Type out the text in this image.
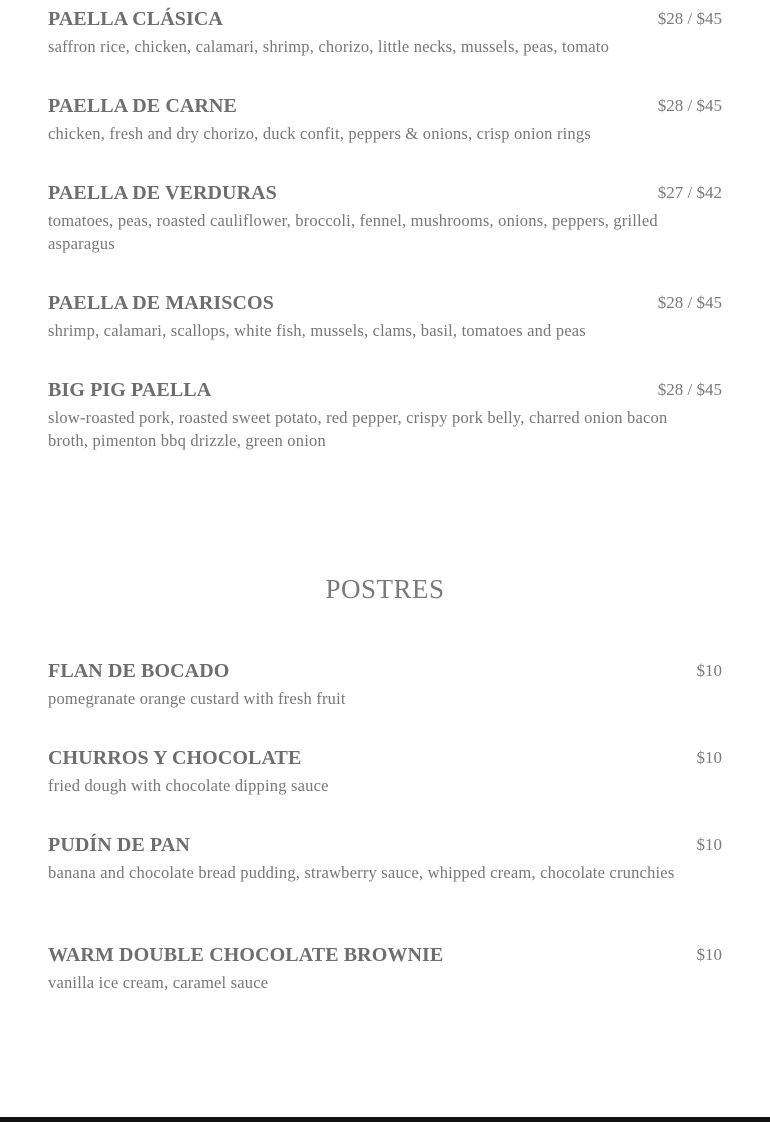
PAELLA CLÁSICA	$28 / $45
saffron rice, chicken, calamari, shrimp, chorizo, little necks, mussels, peas, tomato
PAELLA DE CARNE	$28 / $45
chicken, fresh and dry chorizo, duck confit, peppers & onions, crisp onion rings
PAELLA DE VERDURAS	$27 / $42
tomatoes, peas, roasted cauliflower, broccoli, fennel, mushrooms, onions, peppers, grilled asparagus
PAELLA DE MARISCOS	$28 / $45
shrimp, calamari, scallops, white fish, mussels, clams, basil, tomatoes and peas
BIG PIG PAELLA	$28 / $45
slow-roasted pork, roasted sweet potato, red pepper, crispy pork belly, charred onion bacon broth, pimenton bbq drizzle, green onion
POSTRES
FLAN DE BOCADO	$10
pomegranate orange custard with fresh fruit
CHURROS Y CHOCOLATE	$10
fried dough with chocolate dipping sauce
PUDÍN DE PAN	$10
banana and chocolate bread pudding, strawberry sauce, whipped cream, chocolate crunchies
WARM DOUBLE CHOCOLATE BROWNIE	$10
vanilla ice cream, caramel sauce
